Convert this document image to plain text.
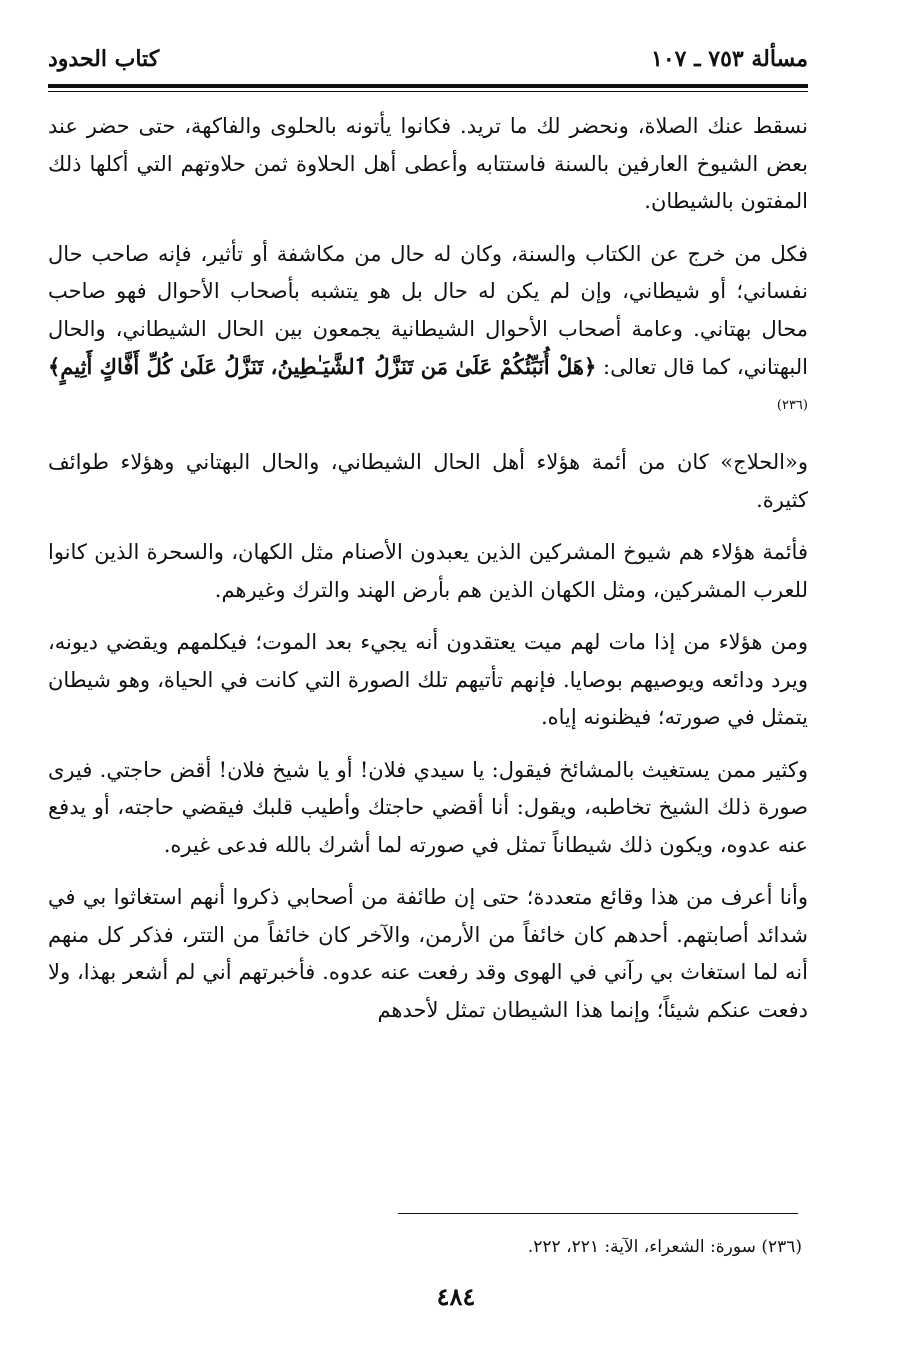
مسألة ٧٥٣ ـ ١٠٧
كتاب الحدود

نسقط عنك الصلاة، ونحضر لك ما تريد. فكانوا يأتونه بالحلوى والفاكهة، حتى حضر عند بعض الشيوخ العارفين بالسنة فاستتابه وأعطى أهل الحلاوة ثمن حلاوتهم التي أكلها ذلك المفتون بالشيطان.

فكل من خرج عن الكتاب والسنة، وكان له حال من مكاشفة أو تأثير، فإنه صاحب حال نفساني؛ أو شيطاني، وإن لم يكن له حال بل هو يتشبه بأصحاب الأحوال فهو صاحب محال بهتاني. وعامة أصحاب الأحوال الشيطانية يجمعون بين الحال الشيطاني، والحال البهتاني، كما قال تعالى: ﴿هَلْ أُنَبِّئُكُمْ عَلَىٰ مَن تَنَزَّلُ ٱلشَّيَـٰطِينُ، تَنَزَّلُ عَلَىٰ كُلِّ أَفَّاكٍ أَثِيمٍ﴾$^{(٢٣٦)}$

و«الحلاج» كان من أئمة هؤلاء أهل الحال الشيطاني، والحال البهتاني وهؤلاء طوائف كثيرة.

فأئمة هؤلاء هم شيوخ المشركين الذين يعبدون الأصنام مثل الكهان، والسحرة الذين كانوا للعرب المشركين، ومثل الكهان الذين هم بأرض الهند والترك وغيرهم.

ومن هؤلاء من إذا مات لهم ميت يعتقدون أنه يجيء بعد الموت؛ فيكلمهم ويقضي ديونه، ويرد ودائعه ويوصيهم بوصايا. فإنهم تأتيهم تلك الصورة التي كانت في الحياة، وهو شيطان يتمثل في صورته؛ فيظنونه إياه.

وكثير ممن يستغيث بالمشائخ فيقول: يا سيدي فلان! أو يا شيخ فلان! أقض حاجتي. فيرى صورة ذلك الشيخ تخاطبه، ويقول: أنا أقضي حاجتك وأطيب قلبك فيقضي حاجته، أو يدفع عنه عدوه، ويكون ذلك شيطاناً تمثل في صورته لما أشرك بالله فدعى غيره.

وأنا أعرف من هذا وقائع متعددة؛ حتى إن طائفة من أصحابي ذكروا أنهم استغاثوا بي في شدائد أصابتهم. أحدهم كان خائفاً من الأرمن، والآخر كان خائفاً من التتر، فذكر كل منهم أنه لما استغاث بي رآني في الهوى وقد رفعت عنه عدوه. فأخبرتهم أني لم أشعر بهذا، ولا دفعت عنكم شيئاً؛ وإنما هذا الشيطان تمثل لأحدهم

(٢٣٦) سورة: الشعراء، الآية: ٢٢١، ٢٢٢.
٤٨٤
